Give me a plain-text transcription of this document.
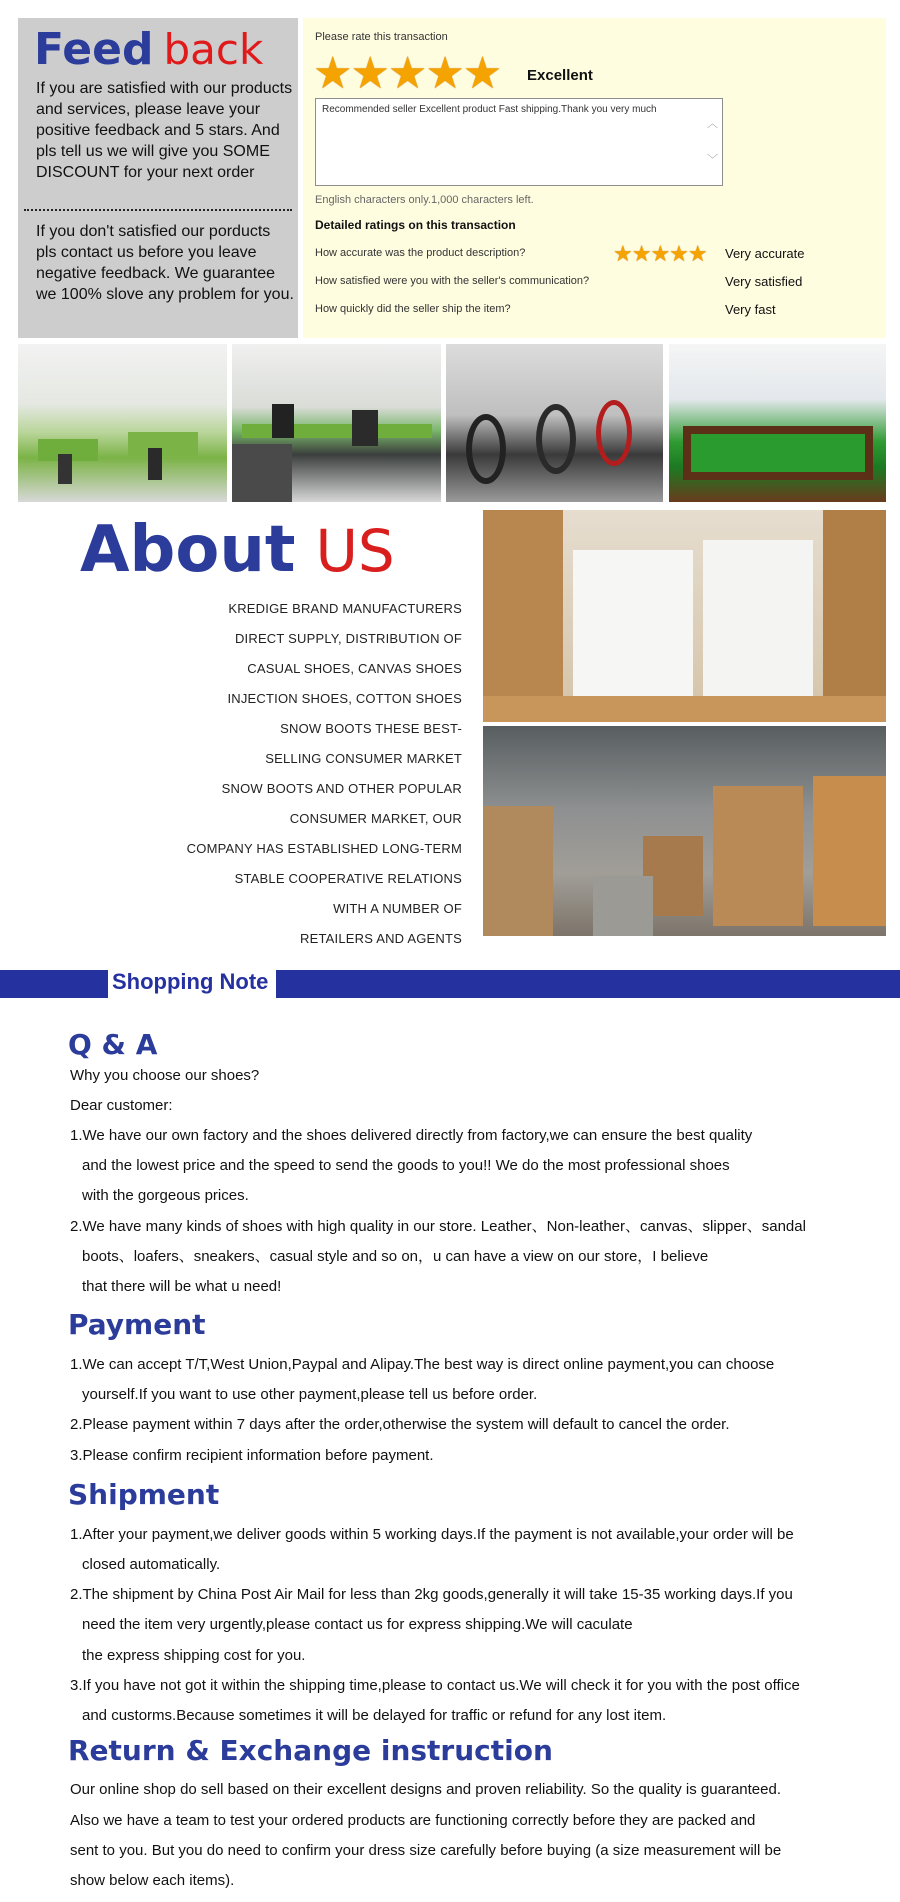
Feed back
If you are satisfied with our products and services, please leave your positive feedback and 5 stars. And pls tell us we will give you SOME DISCOUNT for your next order
If you don't satisfied our porducts pls contact us before you leave negative feedback. We guarantee we 100% slove any problem for you.
Please rate this transaction
★★★★★ Excellent
Recommended seller Excellent product Fast shipping.Thank you very much
︿
﹀
English characters only.1,000 characters left.
Detailed ratings on this transaction
How accurate was the product description?	★★★★★ Very accurate
How satisfied were you with the seller's communication?	Very satisfied
How quickly did the seller ship the item?	Very fast
About US
KREDIGE BRAND MANUFACTURERS
DIRECT SUPPLY, DISTRIBUTION OF
CASUAL SHOES, CANVAS SHOES
INJECTION SHOES, COTTON SHOES
SNOW BOOTS THESE BEST-
SELLING CONSUMER MARKET
SNOW BOOTS AND OTHER POPULAR
CONSUMER MARKET, OUR
COMPANY HAS ESTABLISHED LONG-TERM
STABLE COOPERATIVE RELATIONS
WITH A NUMBER OF
RETAILERS AND AGENTS
Shopping Note
Q & A
Why you choose our shoes?
Dear customer:
1.We have our own factory and the shoes delivered directly from factory,we can ensure the best quality
and the lowest price and the speed to send the goods to you!! We do the most professional shoes
with the gorgeous prices.
2.We have many kinds of shoes with high quality in our store. Leather、Non-leather、canvas、slipper、sandal
boots、loafers、sneakers、casual style and so on，u can have a view on our store，I believe
that there will be what u need!
Payment
1.We can accept T/T,West Union,Paypal and Alipay.The best way is direct online payment,you can choose
yourself.If you want to use other payment,please tell us before order.
2.Please payment within 7 days after the order,otherwise the system will default to cancel the order.
3.Please confirm recipient information before payment.
Shipment
1.After your payment,we deliver goods within 5 working days.If the payment is not available,your order will be
closed automatically.
2.The shipment by China Post Air Mail for less than 2kg goods,generally it will take 15-35 working days.If you
need the item very urgently,please contact us for express shipping.We will caculate
the express shipping cost for you.
3.If you have not got it within the shipping time,please to contact us.We will check it for you with the post office
and custorms.Because sometimes it will be delayed for traffic or refund for any lost item.
Return & Exchange instruction
Our online shop do sell based on their excellent designs and proven reliability. So the quality is guaranteed.
Also we have a team to test your ordered products are functioning correctly before they are packed and
sent to you. But you do need to confirm your dress size carefully before buying (a size measurement will be
show below each items).
